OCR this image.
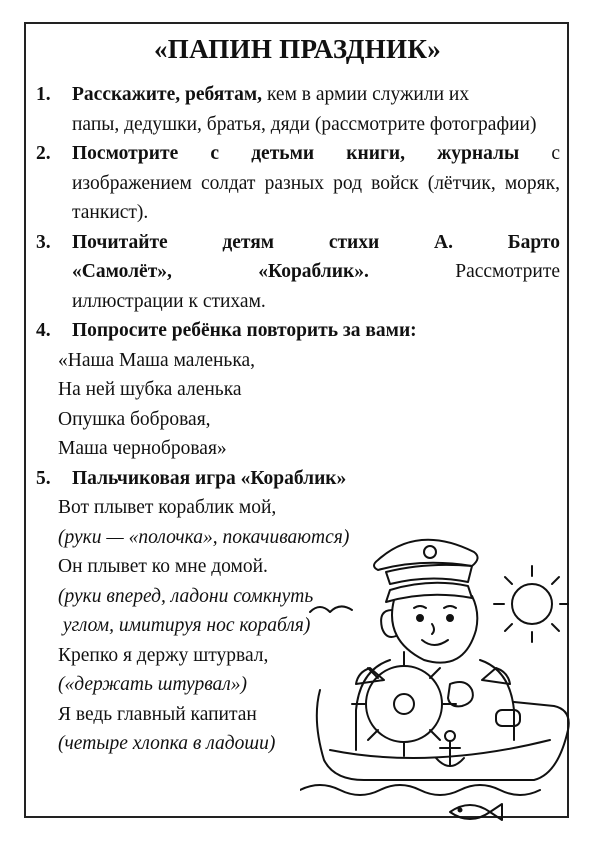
«ПАПИН ПРАЗДНИК»
1.	Расскажите, ребятам, кем в армии служили их
папы, дедушки, братья, дяди (рассмотрите фотографии)
2.	Посмотрите с детьми книги, журналы с
изображением солдат разных род войск (лётчик, моряк, танкист).
3.	Почитайте детям стихи А. Барто
«Самолёт», «Кораблик». Рассмотрите
иллюстрации к стихам.
4.	Попросите ребёнка повторить за вами:
«Наша Маша маленька,
На ней шубка аленька
Опушка бобровая,
Маша чернобровая»
5.	Пальчиковая игра «Кораблик»
Вот плывет кораблик мой,
(руки — «полочка», покачиваются)
Он плывет ко мне домой.
(руки вперед, ладони сомкнуть
углом, имитируя нос корабля)
Крепко я держу штурвал,
(«держать штурвал»)
Я ведь главный капитан
(четыре хлопка в ладоши)
